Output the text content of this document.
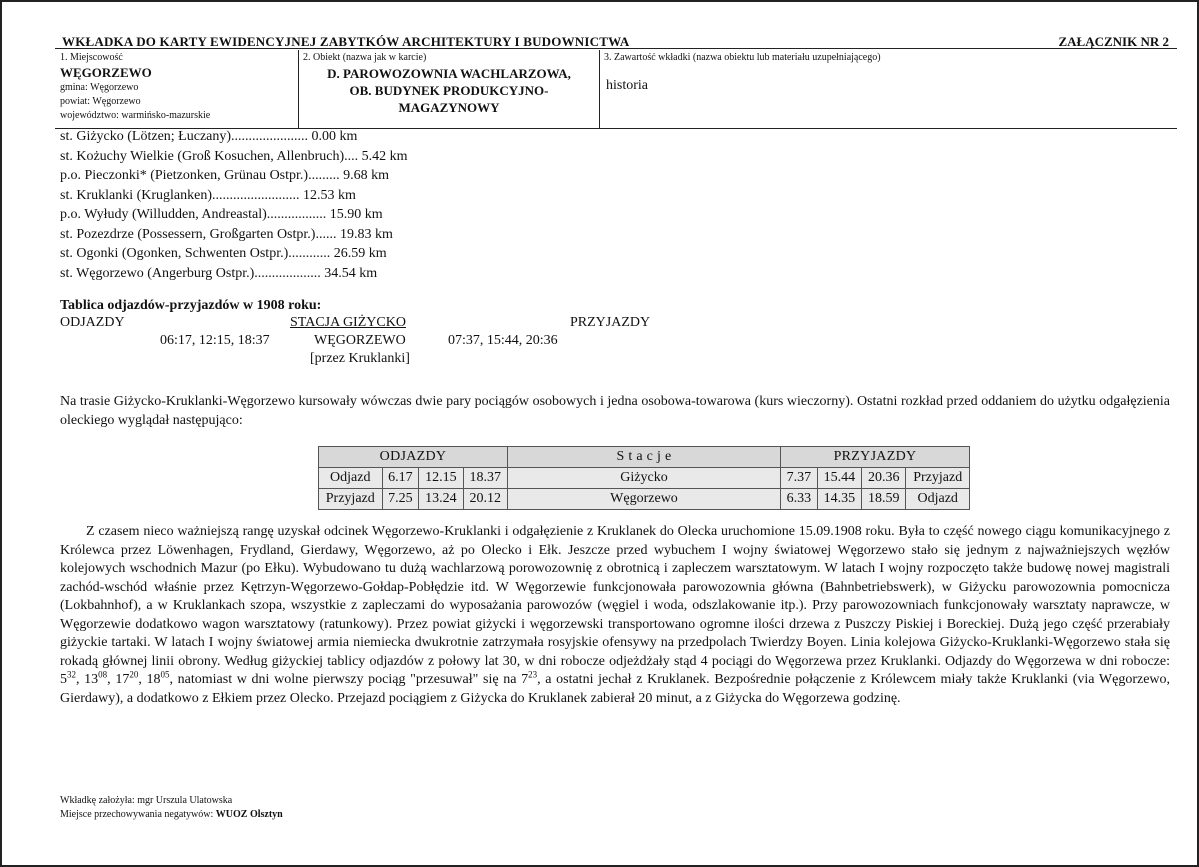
WKŁADKA DO KARTY EWIDENCYJNEJ ZABYTKÓW ARCHITEKTURY I BUDOWNICTWA	ZAŁĄCZNIK NR 2
1. Miejscowość
WĘGORZEWO
gmina: Węgorzewo
powiat: Węgorzewo
województwo: warmińsko-mazurskie
2. Obiekt (nazwa jak w karcie)
D. PAROWOZOWNIA WACHLARZOWA,
OB. BUDYNEK PRODUKCYJNO-
MAGAZYNOWY
3. Zawartość wkładki (nazwa obiektu lub materiału uzupełniającego)
historia
st. Giżycko (Lötzen; Łuczany)...................... 0.00 km
st. Kożuchy Wielkie (Groß Kosuchen, Allenbruch).... 5.42 km
p.o. Pieczonki* (Pietzonken, Grünau Ostpr.)......... 9.68 km
st. Kruklanki (Kruglanken)......................... 12.53 km
p.o. Wyłudy (Willudden, Andreastal)................. 15.90 km
st. Pozezdrze (Possessern, Großgarten Ostpr.)...... 19.83 km
st. Ogonki (Ogonken, Schwenten Ostpr.)............ 26.59 km
st. Węgorzewo (Angerburg Ostpr.)................... 34.54 km
Tablica odjazdów-przyjazdów w 1908 roku:
ODJAZDY	STACJA GIŻYCKO	PRZYJAZDY
06:17, 12:15, 18:37	WĘGORZEWO	07:37, 15:44, 20:36
[przez Kruklanki]

Na trasie Giżycko-Kruklanki-Węgorzewo kursowały wówczas dwie pary pociągów osobowych i jedna osobowa-towarowa (kurs wieczorny). Ostatni rozkład przed oddaniem do użytku odgałęzienia oleckiego wyglądał następująco:

ODJAZDY				S t a c j e	PRZYJAZDY			
Odjazd	6.17	12.15	18.37	Giżycko	7.37	15.44	20.36	Przyjazd
Przyjazd	7.25	13.24	20.12	Węgorzewo	6.33	14.35	18.59	Odjazd

Z czasem nieco ważniejszą rangę uzyskał odcinek Węgorzewo-Kruklanki i odgałęzienie z Kruklanek do Olecka uruchomione 15.09.1908 roku. Była to część nowego ciągu komunikacyjnego z Królewca przez Löwenhagen, Frydland, Gierdawy, Węgorzewo, aż po Olecko i Ełk. Jeszcze przed wybuchem I wojny światowej Węgorzewo stało się jednym z najważniejszych węzłów kolejowych wschodnich Mazur (po Ełku). Wybudowano tu dużą wachlarzową porowozownię z obrotnicą i zapleczem warsztatowym. W latach I wojny rozpoczęto także budowę nowej magistrali zachód-wschód właśnie przez Kętrzyn-Węgorzewo-Gołdap-Pobłędzie itd. W Węgorzewie funkcjonowała parowozownia główna (Bahnbetriebswerk), w Giżycku parowozownia pomocnicza (Lokbahnhof), a w Kruklankach szopa, wszystkie z zapleczami do wyposażania parowozów (węgiel i woda, odszlakowanie itp.). Przy parowozowniach funkcjonowały warsztaty naprawcze, w Węgorzewie dodatkowo wagon warsztatowy (ratunkowy). Przez powiat giżycki i węgorzewski transportowano ogromne ilości drzewa z Puszczy Piskiej i Boreckiej. Dużą jego część przerabiały giżyckie tartaki. W latach I wojny światowej armia niemiecka dwukrotnie zatrzymała rosyjskie ofensywy na przedpolach Twierdzy Boyen. Linia kolejowa Giżycko-Kruklanki-Węgorzewo stała się rokadą głównej linii obrony. Według giżyckiej tablicy odjazdów z połowy lat 30, w dni robocze odjeżdżały stąd 4 pociągi do Węgorzewa przez Kruklanki. Odjazdy do Węgorzewa w dni robocze: $5^{32}$, $13^{08}$, $17^{20}$, $18^{05}$, natomiast w dni wolne pierwszy pociąg "przesuwał" się na $7^{23}$, a ostatni jechał z Kruklanek. Bezpośrednie połączenie z Królewcem miały także Kruklanki (via Węgorzewo, Gierdawy), a dodatkowo z Ełkiem przez Olecko. Przejazd pociągiem z Giżycka do Kruklanek zabierał 20 minut, a z Giżycka do Węgorzewa godzinę.

Wkładkę założyła: mgr Urszula Ulatowska
Miejsce przechowywania negatywów: WUOZ Olsztyn
